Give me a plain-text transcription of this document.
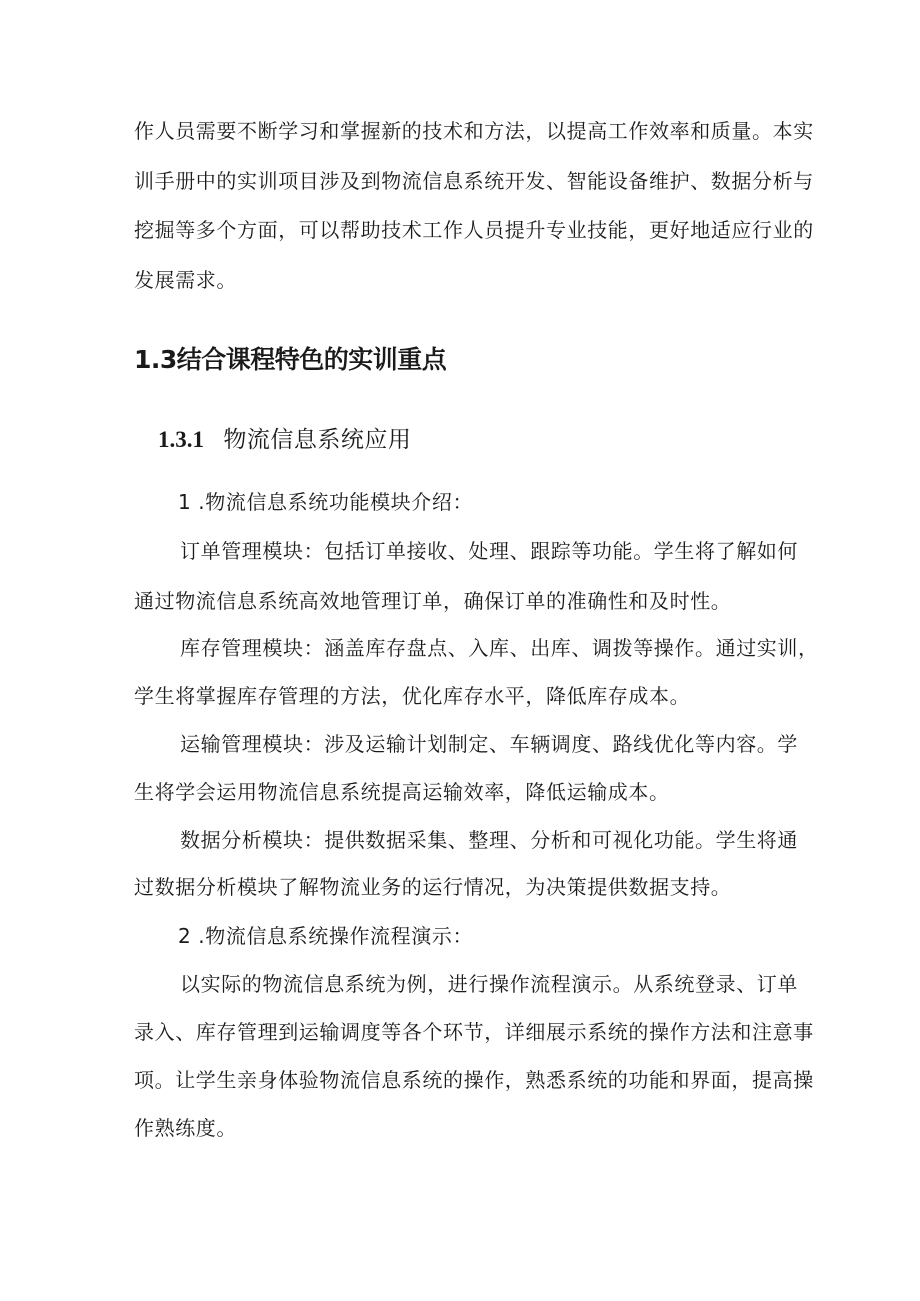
作人员需要不断学习和掌握新的技术和方法，以提高工作效率和质量。本实
训手册中的实训项目涉及到物流信息系统开发、智能设备维护、数据分析与
挖掘等多个方面，可以帮助技术工作人员提升专业技能，更好地适应行业的
发展需求。
1.3结合课程特色的实训重点
1.3.1 物流信息系统应用
1 .物流信息系统功能模块介绍：
订单管理模块：包括订单接收、处理、跟踪等功能。学生将了解如何
通过物流信息系统高效地管理订单，确保订单的准确性和及时性。
库存管理模块：涵盖库存盘点、入库、出库、调拨等操作。通过实训，
学生将掌握库存管理的方法，优化库存水平，降低库存成本。
运输管理模块：涉及运输计划制定、车辆调度、路线优化等内容。学
生将学会运用物流信息系统提高运输效率，降低运输成本。
数据分析模块：提供数据采集、整理、分析和可视化功能。学生将通
过数据分析模块了解物流业务的运行情况，为决策提供数据支持。
2 .物流信息系统操作流程演示：
以实际的物流信息系统为例，进行操作流程演示。从系统登录、订单
录入、库存管理到运输调度等各个环节，详细展示系统的操作方法和注意事
项。让学生亲身体验物流信息系统的操作，熟悉系统的功能和界面，提高操
作熟练度。
